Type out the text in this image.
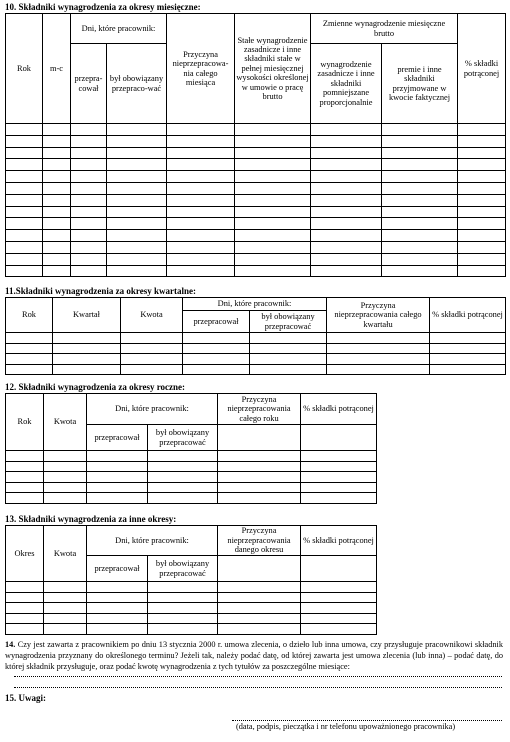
10. Składniki wynagrodzenia za okresy miesięczne:
Rok	m-c	Dni, które pracownik:		Przyczyna nieprzepracowa-nia całego miesiąca	Stałe wynagrodzenie zasadnicze i inne składniki stałe w pełnej miesięcznej wysokości określonej w umowie o pracę brutto	Zmienne wynagrodzenie miesięczne brutto		% składki potrąconej
		przepra-cował	był obowiązany przepraco-wać			wynagrodzenie zasadnicze i inne składniki pomniejszane proporcjonalnie	premie i inne składniki przyjmowane w kwocie faktycznej	

11.Składniki wynagrodzenia za okresy kwartalne:
Rok	Kwartał	Kwota	Dni, które pracownik:		Przyczyna nieprzepracowania całego kwartału	% składki potrąconej
			przepracował	był obowiązany przepracować		

12. Składniki wynagrodzenia za okresy roczne:
Rok	Kwota	Dni, które pracownik:		Przyczyna nieprzepracowania całego roku	% składki potrąconej
		przepracował	był obowiązany przepracować		

13. Składniki wynagrodzenia za inne okresy:
Okres	Kwota	Dni, które pracownik:		Przyczyna nieprzepracowania danego okresu	% składki potrąconej
		przepracował	był obowiązany przepracować		

14. Czy jest zawarta z pracownikiem po dniu 13 stycznia 2000 r. umowa zlecenia, o dzieło lub inna umowa, czy przysługuje pracownikowi składnik wynagrodzenia przyznany do określonego terminu? Jeżeli tak, należy podać datę, od której zawarta jest umowa zlecenia (lub inna) – podać datę, do której składnik przysługuje, oraz podać kwotę wynagrodzenia z tych tytułów za poszczególne miesiące:
15. Uwagi:
(data, podpis, pieczątka i nr telefonu upoważnionego pracownika)
